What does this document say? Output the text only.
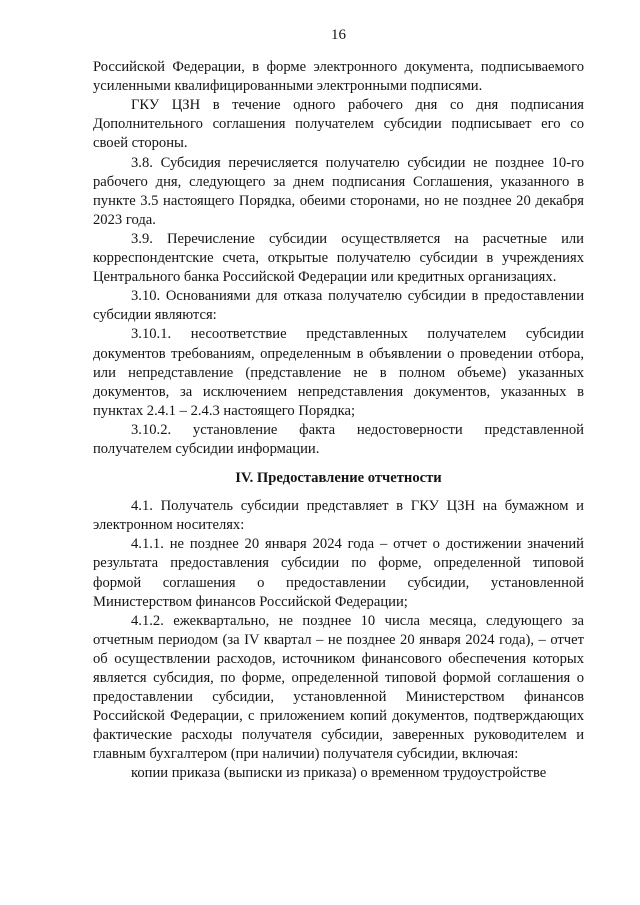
16

Российской Федерации, в форме электронного документа, подписываемого усиленными квалифицированными электронными подписями.

ГКУ ЦЗН в течение одного рабочего дня со дня подписания Дополнительного соглашения получателем субсидии подписывает его со своей стороны.

3.8. Субсидия перечисляется получателю субсидии не позднее 10-го рабочего дня, следующего за днем подписания Соглашения, указанного в пункте 3.5 настоящего Порядка, обеими сторонами, но не позднее 20 декабря 2023 года.

3.9. Перечисление субсидии осуществляется на расчетные или корреспондентские счета, открытые получателю субсидии в учреждениях Центрального банка Российской Федерации или кредитных организациях.

3.10. Основаниями для отказа получателю субсидии в предоставлении субсидии являются:

3.10.1. несоответствие представленных получателем субсидии документов требованиям, определенным в объявлении о проведении отбора, или непредставление (представление не в полном объеме) указанных документов, за исключением непредставления документов, указанных в пунктах 2.4.1 – 2.4.3 настоящего Порядка;

3.10.2. установление факта недостоверности представленной получателем субсидии информации.

IV. Предоставление отчетности

4.1. Получатель субсидии представляет в ГКУ ЦЗН на бумажном и электронном носителях:

4.1.1. не позднее 20 января 2024 года – отчет о достижении значений результата предоставления субсидии по форме, определенной типовой формой соглашения о предоставлении субсидии, установленной Министерством финансов Российской Федерации;

4.1.2. ежеквартально, не позднее 10 числа месяца, следующего за отчетным периодом (за IV квартал – не позднее 20 января 2024 года), – отчет об осуществлении расходов, источником финансового обеспечения которых является субсидия, по форме, определенной типовой формой соглашения о предоставлении субсидии, установленной Министерством финансов Российской Федерации, с приложением копий документов, подтверждающих фактические расходы получателя субсидии, заверенных руководителем и главным бухгалтером (при наличии) получателя субсидии, включая:

копии приказа (выписки из приказа) о временном трудоустройстве
